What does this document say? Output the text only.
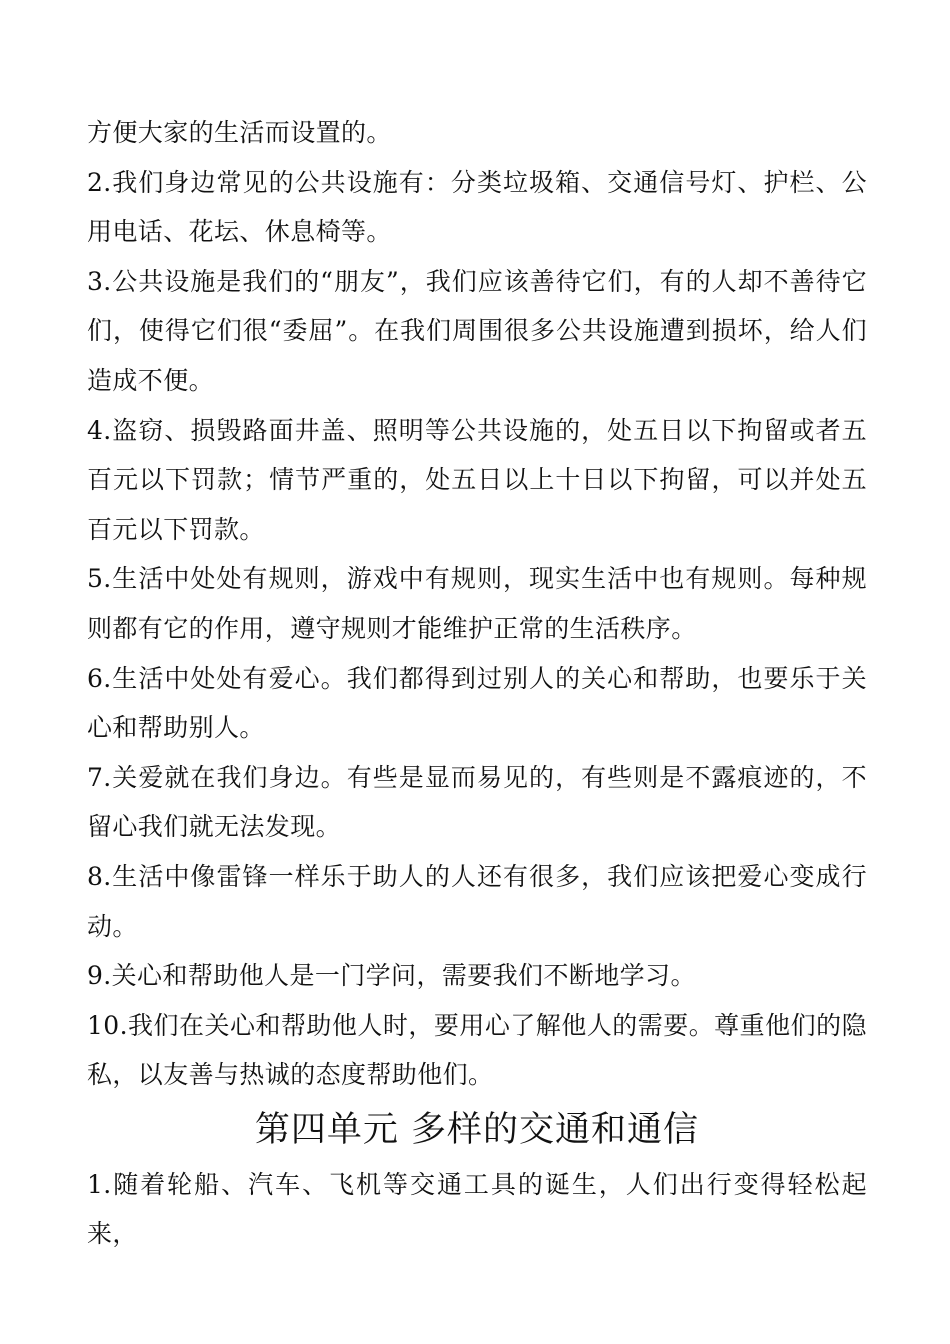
方便大家的生活而设置的。

2.我们身边常见的公共设施有：分类垃圾箱、交通信号灯、护栏、公用电话、花坛、休息椅等。

3.公共设施是我们的“朋友”，我们应该善待它们，有的人却不善待它们，使得它们很“委屈”。在我们周围很多公共设施遭到损坏，给人们造成不便。

4.盗窃、损毁路面井盖、照明等公共设施的，处五日以下拘留或者五百元以下罚款；情节严重的，处五日以上十日以下拘留，可以并处五百元以下罚款。

5.生活中处处有规则，游戏中有规则，现实生活中也有规则。每种规则都有它的作用，遵守规则才能维护正常的生活秩序。

6.生活中处处有爱心。我们都得到过别人的关心和帮助，也要乐于关心和帮助别人。

7.关爱就在我们身边。有些是显而易见的，有些则是不露痕迹的，不留心我们就无法发现。

8.生活中像雷锋一样乐于助人的人还有很多，我们应该把爱心变成行动。

9.关心和帮助他人是一门学问，需要我们不断地学习。

10.我们在关心和帮助他人时，要用心了解他人的需要。尊重他们的隐私，以友善与热诚的态度帮助他们。

第四单元 多样的交通和通信

1.随着轮船、汽车、飞机等交通工具的诞生，人们出行变得轻松起来，
